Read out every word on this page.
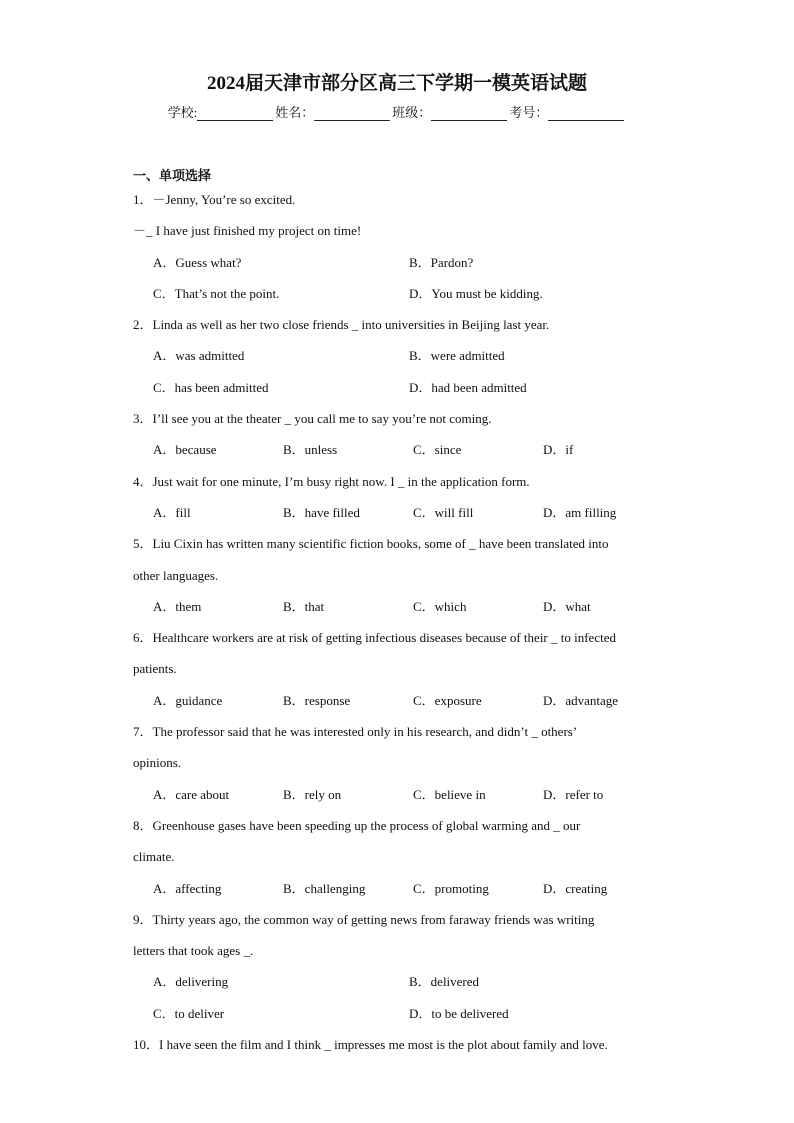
2024届天津市部分区高三下学期一模英语试题
学校:	姓名：	班级：	考号：
一、单项选择
1．－Jenny, You’re so excited.
－_ I have just finished my project on time!
A．Guess what?	B．Pardon?
C．That’s not the point.	D．You must be kidding.
2．Linda as well as her two close friends _ into universities in Beijing last year.
A．was admitted	B．were admitted
C．has been admitted	D．had been admitted
3．I’ll see you at the theater _ you call me to say you’re not coming.
A．because	B．unless	C．since	D．if
4．Just wait for one minute, I’m busy right now. I _ in the application form.
A．fill	B．have filled	C．will fill	D．am filling
5．Liu Cixin has written many scientific fiction books, some of _ have been translated into
other languages.
A．them	B．that	C．which	D．what
6．Healthcare workers are at risk of getting infectious diseases because of their _ to infected
patients.
A．guidance	B．response	C．exposure	D．advantage
7．The professor said that he was interested only in his research, and didn’t _ others’
opinions.
A．care about	B．rely on	C．believe in	D．refer to
8．Greenhouse gases have been speeding up the process of global warming and _ our
climate.
A．affecting	B．challenging	C．promoting	D．creating
9．Thirty years ago, the common way of getting news from faraway friends was writing
letters that took ages _.
A．delivering	B．delivered
C．to deliver	D．to be delivered
10．I have seen the film and I think _ impresses me most is the plot about family and love.
